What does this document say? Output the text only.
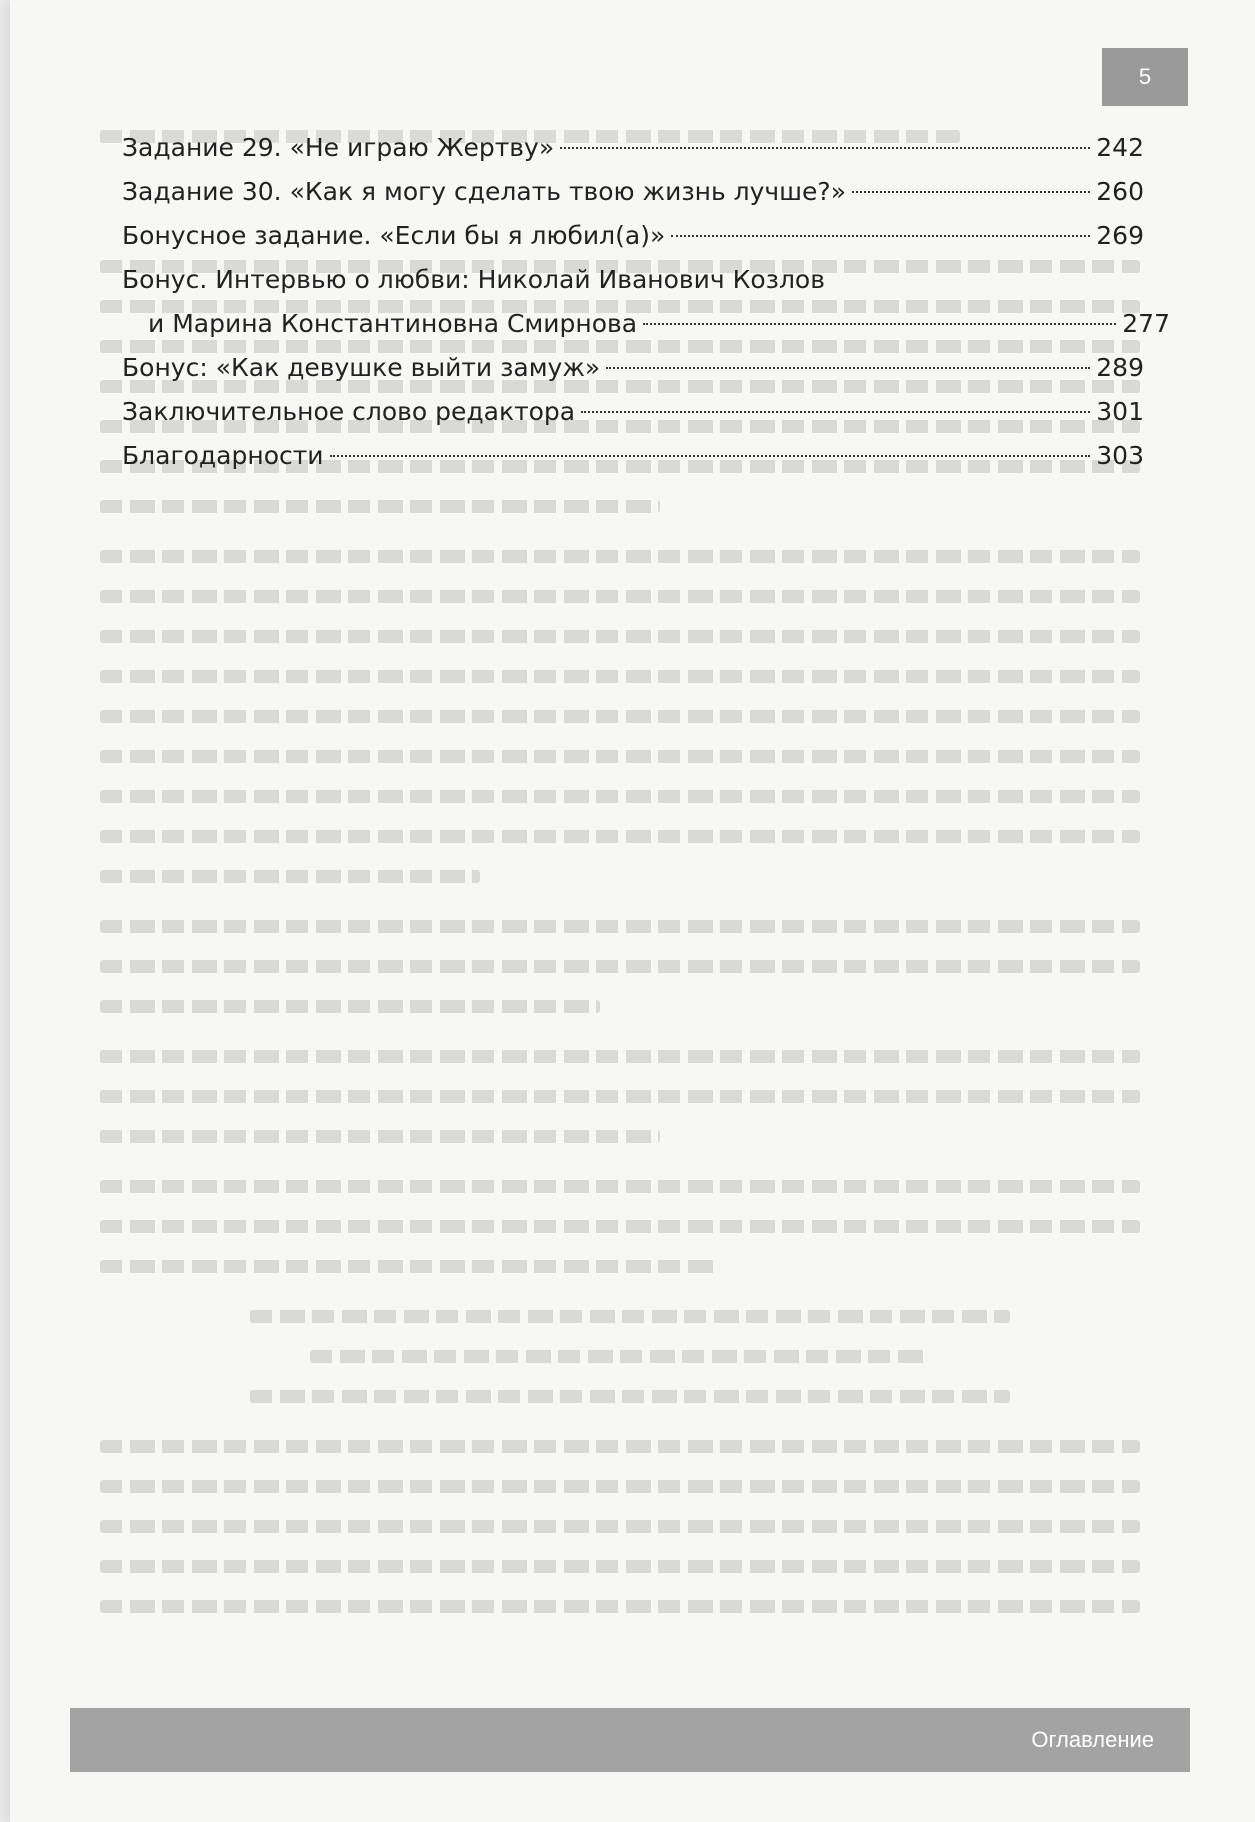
5
Задание 29. «Не играю Жертву»	242
Задание 30. «Как я могу сделать твою жизнь лучше?»	260
Бонусное задание. «Если бы я любил(а)»	269
Бонус. Интервью о любви: Николай Иванович Козлов
и Марина Константиновна Смирнова	277
Бонус: «Как девушке выйти замуж»	289
Заключительное слово редактора	301
Благодарности	303
Оглавление
